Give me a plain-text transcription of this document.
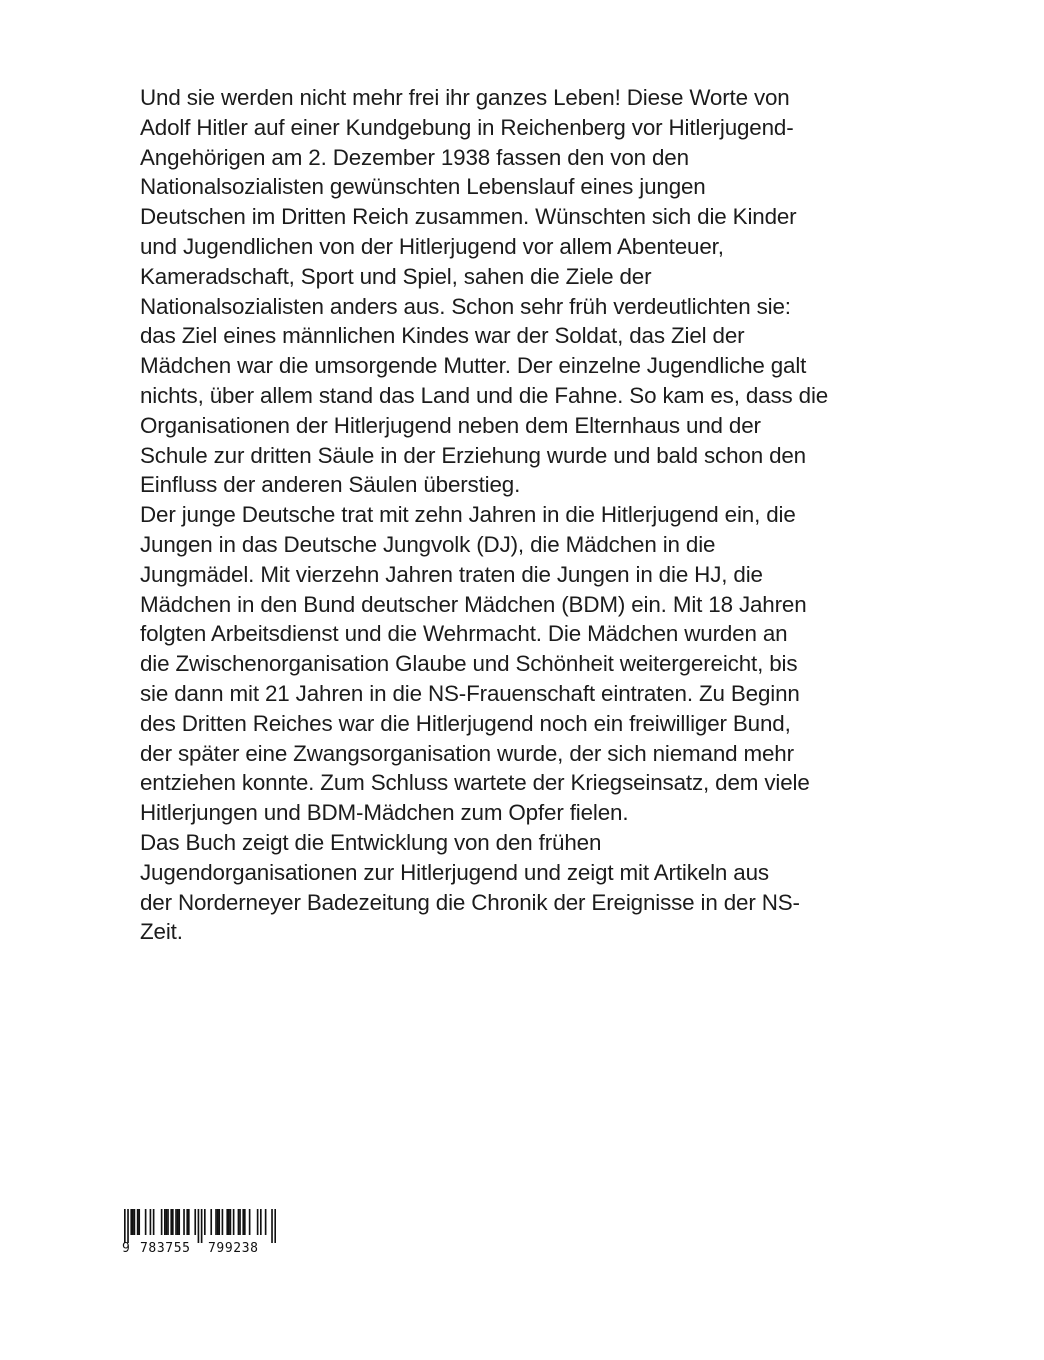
Und sie werden nicht mehr frei ihr ganzes Leben! Diese Worte von
Adolf Hitler auf einer Kundgebung in Reichenberg vor Hitlerjugend-
Angehörigen am 2. Dezember 1938 fassen den von den
Nationalsozialisten gewünschten Lebenslauf eines jungen
Deutschen im Dritten Reich zusammen. Wünschten sich die Kinder
und Jugendlichen von der Hitlerjugend vor allem Abenteuer,
Kameradschaft, Sport und Spiel, sahen die Ziele der
Nationalsozialisten anders aus. Schon sehr früh verdeutlichten sie:
das Ziel eines männlichen Kindes war der Soldat, das Ziel der
Mädchen war die umsorgende Mutter. Der einzelne Jugendliche galt
nichts, über allem stand das Land und die Fahne. So kam es, dass die
Organisationen der Hitlerjugend neben dem Elternhaus und der
Schule zur dritten Säule in der Erziehung wurde und bald schon den
Einfluss der anderen Säulen überstieg.
Der junge Deutsche trat mit zehn Jahren in die Hitlerjugend ein, die
Jungen in das Deutsche Jungvolk (DJ), die Mädchen in die
Jungmädel. Mit vierzehn Jahren traten die Jungen in die HJ, die
Mädchen in den Bund deutscher Mädchen (BDM) ein. Mit 18 Jahren
folgten Arbeitsdienst und die Wehrmacht. Die Mädchen wurden an
die Zwischenorganisation Glaube und Schönheit weitergereicht, bis
sie dann mit 21 Jahren in die NS-Frauenschaft eintraten. Zu Beginn
des Dritten Reiches war die Hitlerjugend noch ein freiwilliger Bund,
der später eine Zwangsorganisation wurde, der sich niemand mehr
entziehen konnte. Zum Schluss wartete der Kriegseinsatz, dem viele
Hitlerjungen und BDM-Mädchen zum Opfer fielen.
Das Buch zeigt die Entwicklung von den frühen
Jugendorganisationen zur Hitlerjugend und zeigt mit Artikeln aus
der Norderneyer Badezeitung die Chronik der Ereignisse in der NS-
Zeit.
9 783755 799238
